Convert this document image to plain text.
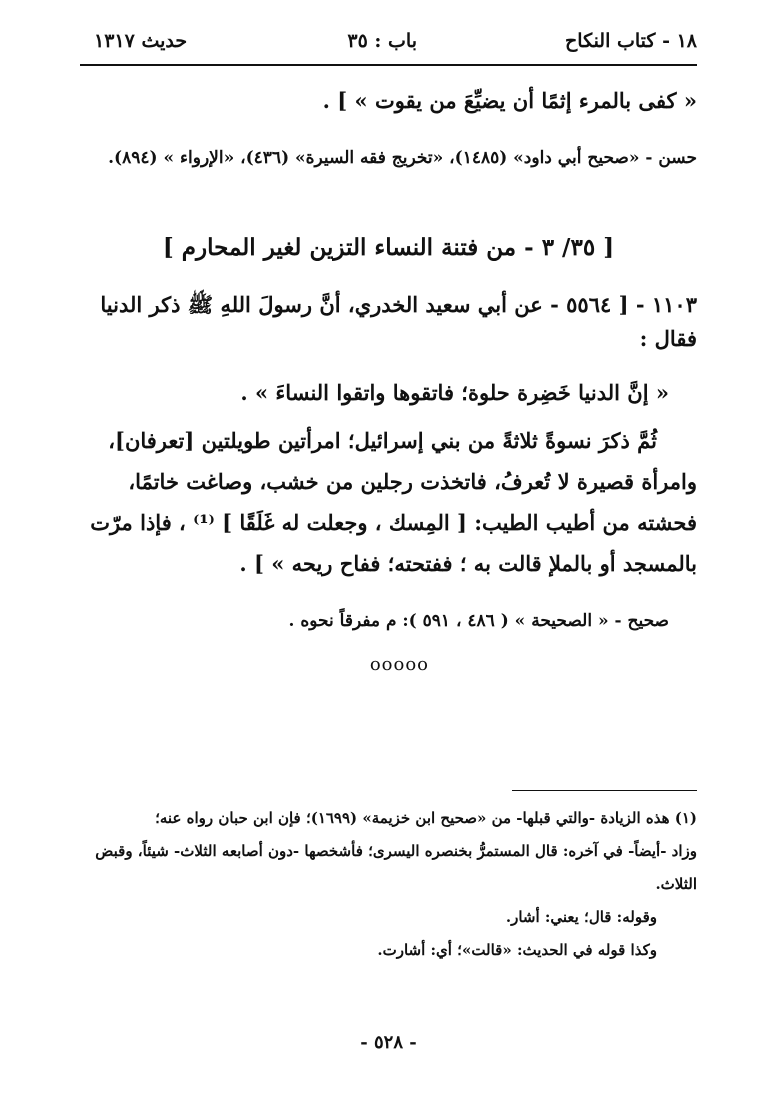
١٨ - كتاب النكاح
باب : ٣٥
حديث ١٣١٧
« كفى بالمرء إثمًا أن يضيِّعَ من يقوت » ] .
حسن - «صحيح أبي داود» (١٤٨٥)، «تخريج فقه السيرة» (٤٣٦)، «الإرواء » (٨٩٤).
[ ٣٥/ ٣ - من فتنة النساء التزين لغير المحارم ]
١١٠٣ - [ ٥٥٦٤ - عن أبي سعيد الخدري، أنَّ رسولَ اللهِ ﷺ ذكر الدنيا
فقال :
« إنَّ الدنيا خَضِرة حلوة؛ فاتقوها واتقوا النساءَ » .
ثُمَّ ذكرَ نسوةً ثلاثةً من بني إسرائيل؛ امرأتين طويلتين [تعرفان]،
وامرأة قصيرة لا تُعرفُ، فاتخذت رجلين من خشب، وصاغت خاتمًا،
فحشته من أطيب الطيب: [ المِسك ، وجعلت له غَلَقًا ] ⁽¹⁾ ، فإذا مرّت
بالمسجد أو بالملإ قالت به ؛ ففتحته؛ ففاح ريحه » ] .
صحيح - « الصحيحة » ( ٤٨٦ ، ٥٩١ ): م مفرقاً نحوه .
ooooo

(١) هذه الزيادة -والتي قبلها- من «صحيح ابن خزيمة» (١٦٩٩)؛ فإن ابن حبان رواه عنه؛

وزاد -أيضاً- في آخره: قال المستمرُّ بخنصره اليسرى؛ فأشخصها -دون أصابعه الثلاث- شيئاً، وقبض

الثلاث.

وقوله: قال؛ يعني: أشار.

وكذا قوله في الحديث: «قالت»؛ أي: أشارت.

- ٥٢٨ -
